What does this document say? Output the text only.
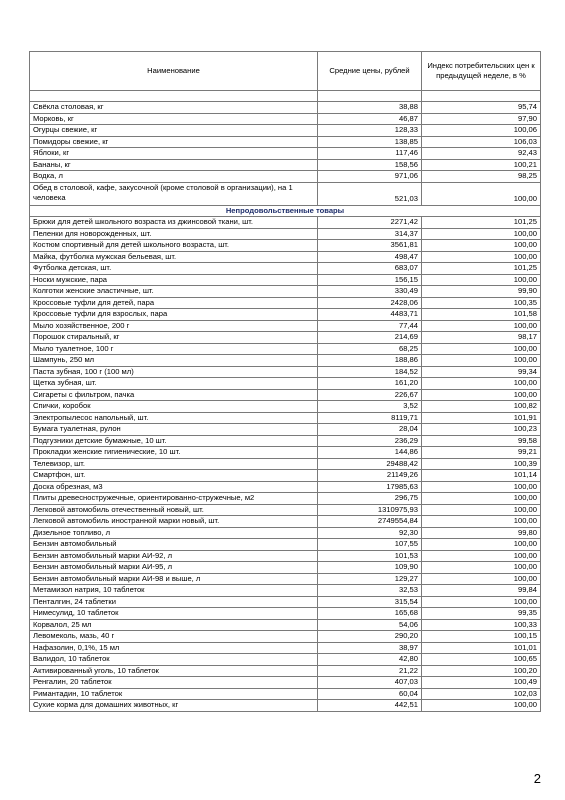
Наименование	Средние цены, рублей	Индекс потребительских цен к предыдущей неделе, в %

Свёкла столовая, кг	38,88	95,74
Морковь, кг	46,87	97,90
Огурцы свежие, кг	128,33	100,06
Помидоры свежие, кг	138,85	106,03
Яблоки, кг	117,46	92,43
Бананы, кг	158,56	100,21
Водка, л	971,06	98,25
Обед в столовой, кафе, закусочной (кроме столовой в организации), на 1 человека	521,03	100,00
Непродовольственные товары		
Брюки для детей школьного возраста из джинсовой ткани, шт.	2271,42	101,25
Пеленки для новорожденных, шт.	314,37	100,00
Костюм спортивный для детей школьного возраста, шт.	3561,81	100,00
Майка, футболка мужская бельевая, шт.	498,47	100,00
Футболка детская, шт.	683,07	101,25
Носки мужские, пара	156,15	100,00
Колготки женские эластичные, шт.	330,49	99,90
Кроссовые туфли для детей, пара	2428,06	100,35
Кроссовые туфли для взрослых, пара	4483,71	101,58
Мыло хозяйственное, 200 г	77,44	100,00
Порошок стиральный, кг	214,69	98,17
Мыло туалетное, 100 г	68,25	100,00
Шампунь, 250 мл	188,86	100,00
Паста зубная, 100 г (100 мл)	184,52	99,34
Щетка зубная, шт.	161,20	100,00
Сигареты с фильтром, пачка	226,67	100,00
Спички, коробок	3,52	100,82
Электропылесос напольный, шт.	8119,71	101,91
Бумага туалетная, рулон	28,04	100,23
Подгузники детские бумажные, 10 шт.	236,29	99,58
Прокладки женские гигиенические, 10 шт.	144,86	99,21
Телевизор, шт.	29488,42	100,39
Смартфон, шт.	21149,26	101,14
Доска обрезная, м3	17985,63	100,00
Плиты древесностружечные, ориентированно-стружечные, м2	296,75	100,00
Легковой автомобиль отечественный новый, шт.	1310975,93	100,00
Легковой автомобиль иностранной марки новый, шт.	2749554,84	100,00
Дизельное топливо, л	92,30	99,80
Бензин автомобильный	107,55	100,00
Бензин автомобильный марки АИ-92, л	101,53	100,00
Бензин автомобильный марки АИ-95, л	109,90	100,00
Бензин автомобильный марки АИ-98 и выше, л	129,27	100,00
Метамизол натрия, 10 таблеток	32,53	99,84
Пенталгин, 24 таблетки	315,54	100,00
Нимесулид, 10 таблеток	165,68	99,35
Корвалол, 25 мл	54,06	100,33
Левомеколь, мазь, 40 г	290,20	100,15
Нафазолин, 0,1%, 15 мл	38,97	101,01
Валидол, 10 таблеток	42,80	100,65
Активированный уголь, 10 таблеток	21,22	100,20
Ренгалин, 20 таблеток	407,03	100,49
Римантадин, 10 таблеток	60,04	102,03
Сухие корма для домашних животных, кг	442,51	100,00
2
